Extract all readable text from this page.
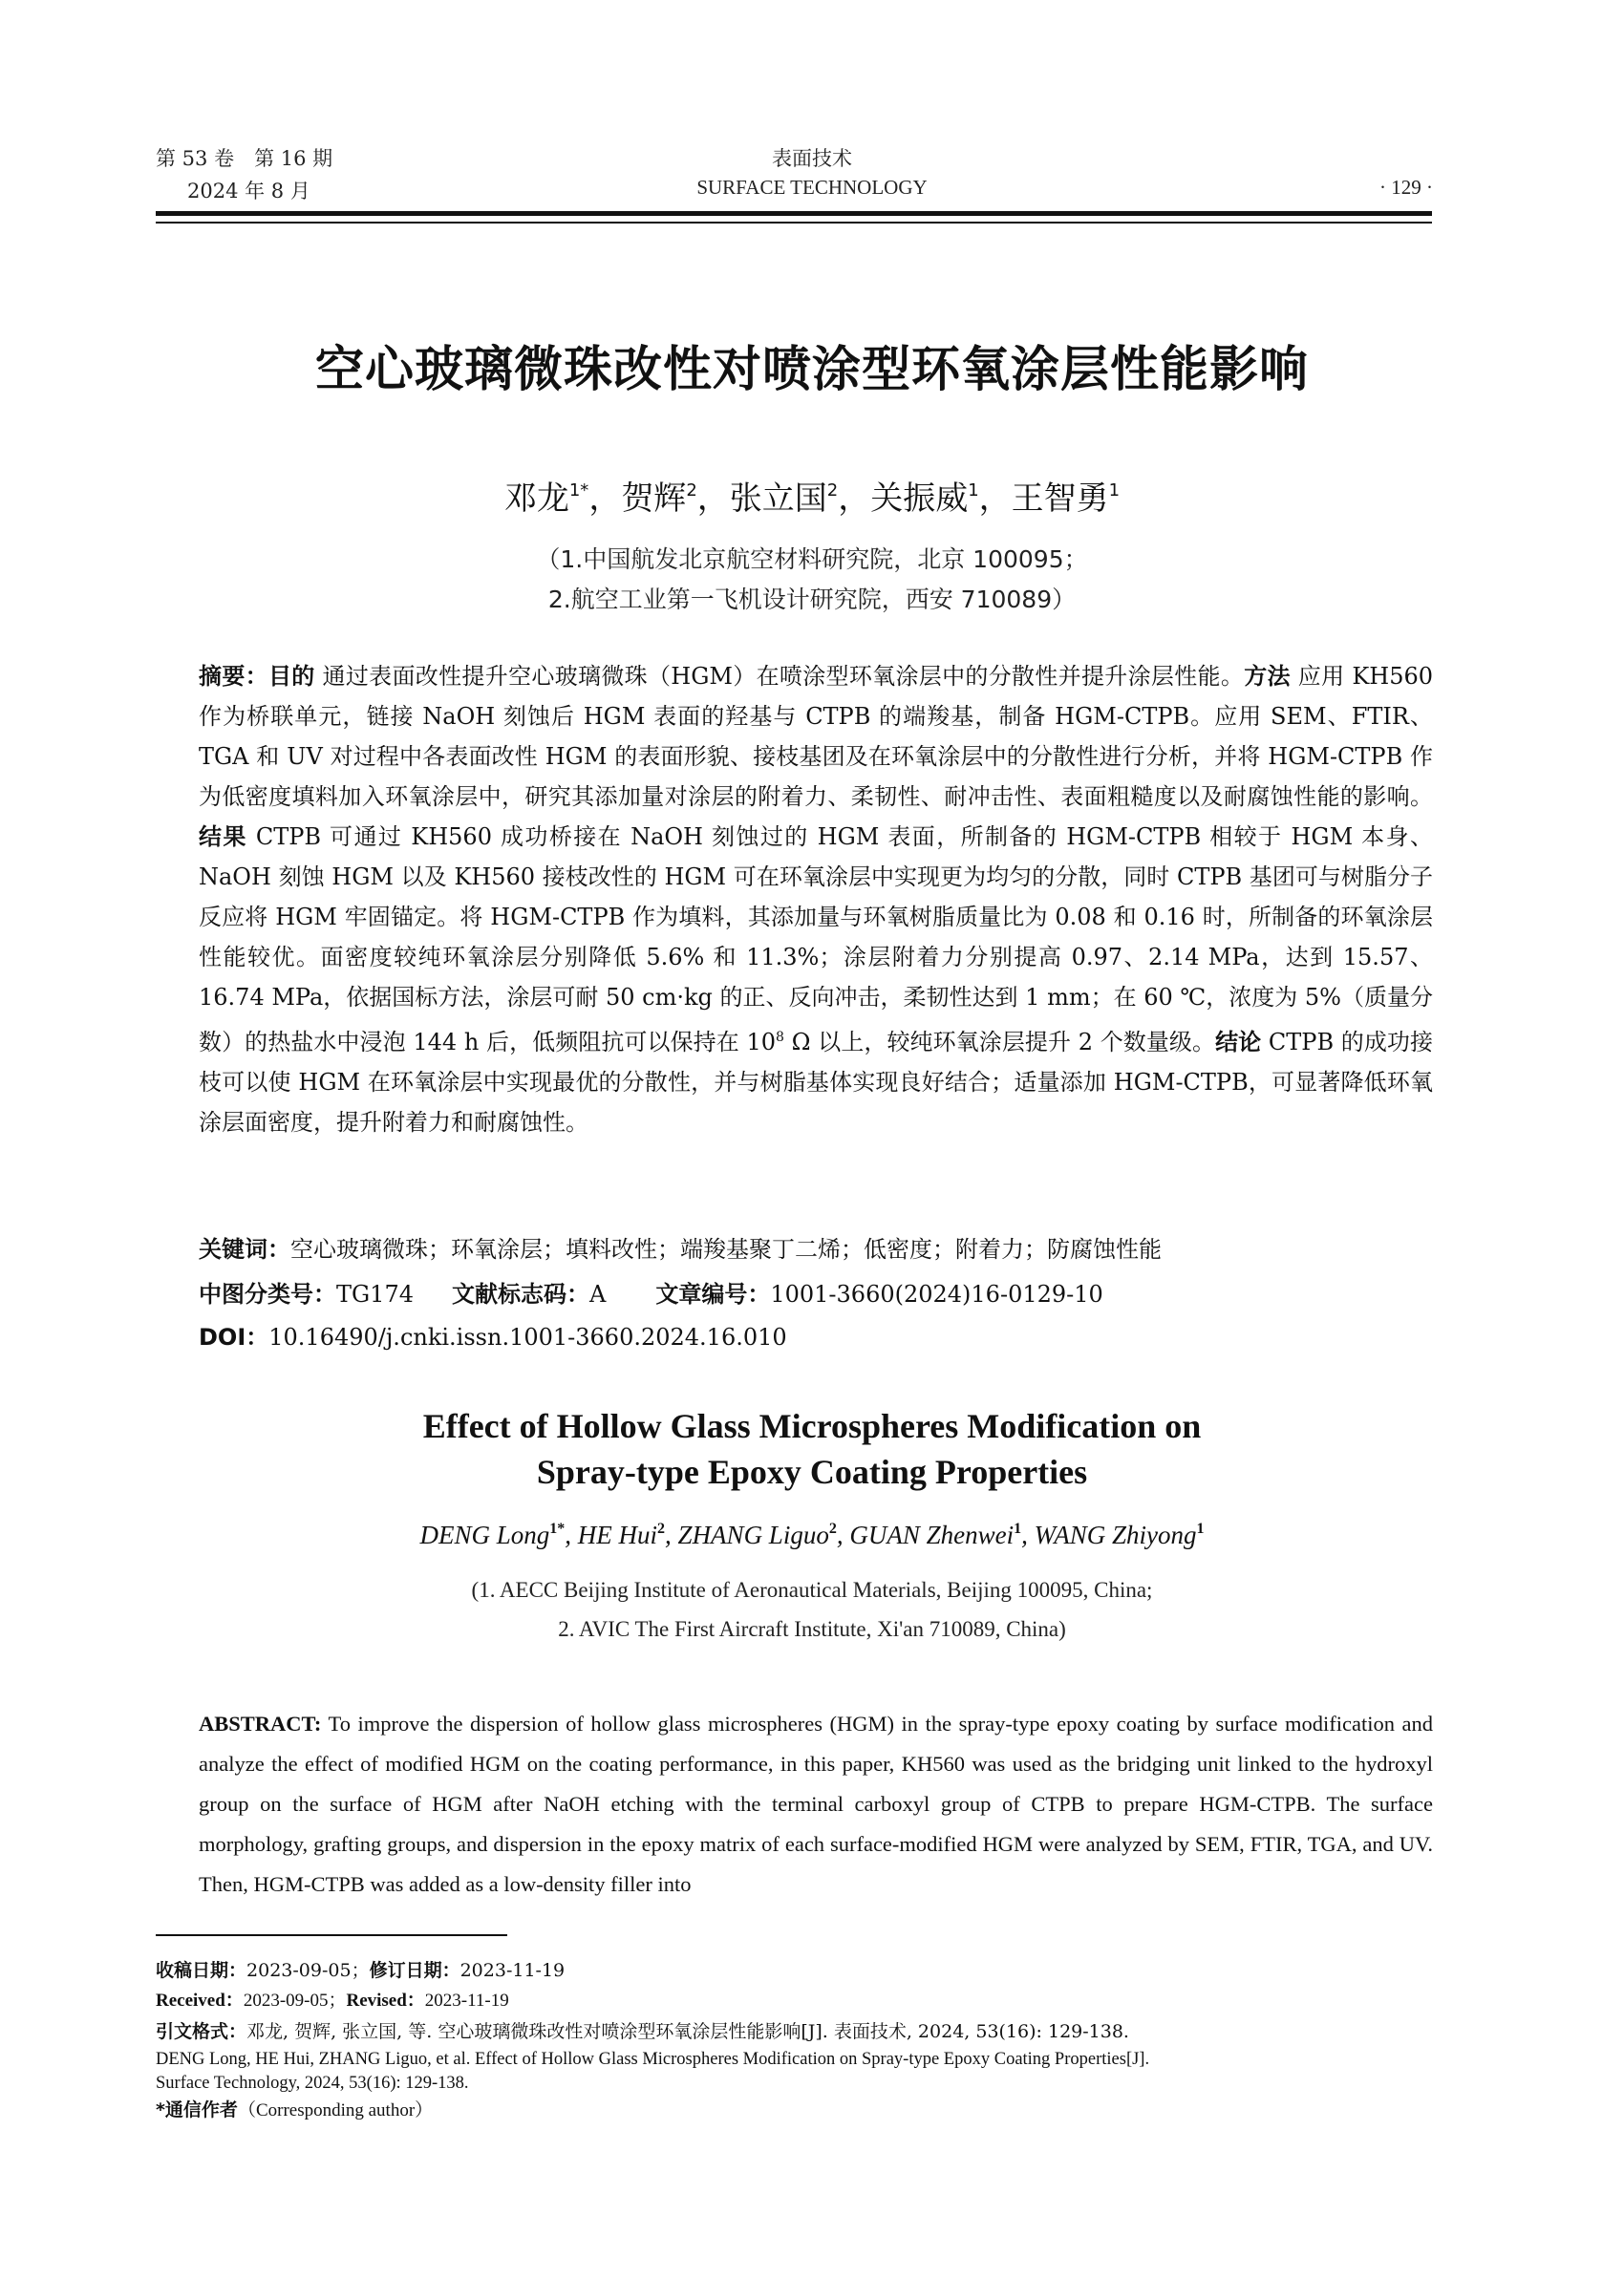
第 53 卷　第 16 期
2024 年 8 月
表面技术
SURFACE TECHNOLOGY	· 129 ·
空心玻璃微珠改性对喷涂型环氧涂层性能影响
邓龙$^{1*}$，贺辉$^2$，张立国$^2$，关振威$^1$，王智勇$^1$
（1.中国航发北京航空材料研究院，北京 100095；
2.航空工业第一飞机设计研究院，西安 710089）
摘要：目的 通过表面改性提升空心玻璃微珠（HGM）在喷涂型环氧涂层中的分散性并提升涂层性能。方法 应用 KH560 作为桥联单元，链接 NaOH 刻蚀后 HGM 表面的羟基与 CTPB 的端羧基，制备 HGM-CTPB。应用 SEM、FTIR、TGA 和 UV 对过程中各表面改性 HGM 的表面形貌、接枝基团及在环氧涂层中的分散性进行分析，并将 HGM-CTPB 作为低密度填料加入环氧涂层中，研究其添加量对涂层的附着力、柔韧性、耐冲击性、表面粗糙度以及耐腐蚀性能的影响。结果 CTPB 可通过 KH560 成功桥接在 NaOH 刻蚀过的 HGM 表面，所制备的 HGM-CTPB 相较于 HGM 本身、NaOH 刻蚀 HGM 以及 KH560 接枝改性的 HGM 可在环氧涂层中实现更为均匀的分散，同时 CTPB 基团可与树脂分子反应将 HGM 牢固锚定。将 HGM-CTPB 作为填料，其添加量与环氧树脂质量比为 0.08 和 0.16 时，所制备的环氧涂层性能较优。面密度较纯环氧涂层分别降低 5.6% 和 11.3%；涂层附着力分别提高 0.97、2.14 MPa，达到 15.57、16.74 MPa，依据国标方法，涂层可耐 50 cm·kg 的正、反向冲击，柔韧性达到 1 mm；在 60 ℃，浓度为 5%（质量分数）的热盐水中浸泡 144 h 后，低频阻抗可以保持在 $10^8$ Ω 以上，较纯环氧涂层提升 2 个数量级。结论 CTPB 的成功接枝可以使 HGM 在环氧涂层中实现最优的分散性，并与树脂基体实现良好结合；适量添加 HGM-CTPB，可显著降低环氧涂层面密度，提升附着力和耐腐蚀性。
关键词：空心玻璃微珠；环氧涂层；填料改性；端羧基聚丁二烯；低密度；附着力；防腐蚀性能
中图分类号：TG174 文献标志码：A 文章编号：1001-3660(2024)16-0129-10
DOI：10.16490/j.cnki.issn.1001-3660.2024.16.010
Effect of Hollow Glass Microspheres Modification on
Spray-type Epoxy Coating Properties
DENG Long$^{1*}$, HE Hui$^2$, ZHANG Liguo$^2$, GUAN Zhenwei$^1$, WANG Zhiyong$^1$
(1. AECC Beijing Institute of Aeronautical Materials, Beijing 100095, China;
2. AVIC The First Aircraft Institute, Xi'an 710089, China)
ABSTRACT: To improve the dispersion of hollow glass microspheres (HGM) in the spray-type epoxy coating by surface modification and analyze the effect of modified HGM on the coating performance, in this paper, KH560 was used as the bridging unit linked to the hydroxyl group on the surface of HGM after NaOH etching with the terminal carboxyl group of CTPB to prepare HGM-CTPB. The surface morphology, grafting groups, and dispersion in the epoxy matrix of each surface-modified HGM were analyzed by SEM, FTIR, TGA, and UV. Then, HGM-CTPB was added as a low-density filler into
收稿日期：2023-09-05；修订日期：2023-11-19
Received：2023-09-05；Revised：2023-11-19
引文格式：邓龙, 贺辉, 张立国, 等. 空心玻璃微珠改性对喷涂型环氧涂层性能影响[J]. 表面技术, 2024, 53(16): 129-138.
DENG Long, HE Hui, ZHANG Liguo, et al. Effect of Hollow Glass Microspheres Modification on Spray-type Epoxy Coating Properties[J].
Surface Technology, 2024, 53(16): 129-138.
*通信作者（Corresponding author）
